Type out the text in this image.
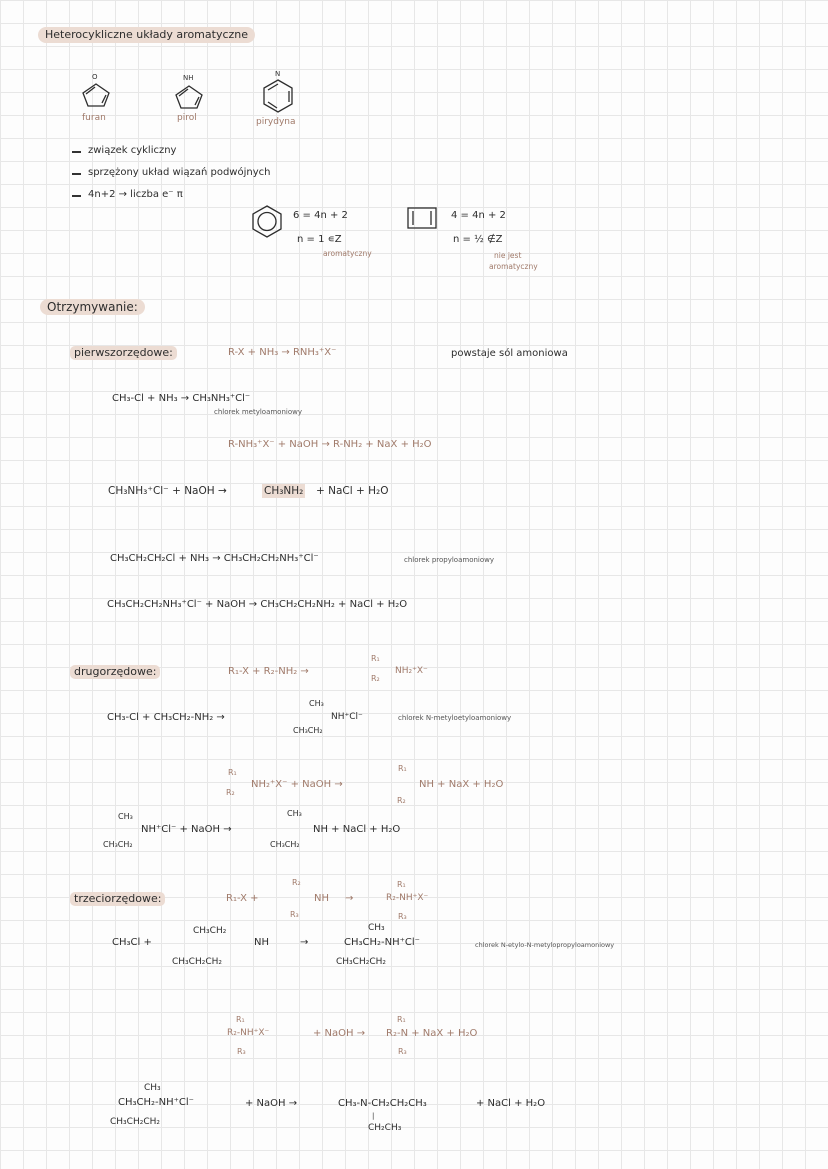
Heterocykliczne układy aromatyczne
O
furan
NH
pirol
N
pirydyna
związek cykliczny
sprzężony układ wiązań podwójnych
4n+2 → liczba e⁻ π
6 = 4n + 2
n = 1 ∊Z
aromatyczny
4 = 4n + 2
n = ½ ∉Z
nie jest
aromatyczny
Otrzymywanie:
pierwszorzędowe:	R-X + NH₃ → RNH₃⁺X⁻	powstaje sól amoniowa
CH₃-Cl + NH₃ → CH₃NH₃⁺Cl⁻
chlorek metyloamoniowy
R-NH₃⁺X⁻ + NaOH → R-NH₂ + NaX + H₂O
CH₃NH₃⁺Cl⁻ + NaOH →	CH₃NH₂ + NaCl + H₂O
CH₃CH₂CH₂Cl + NH₃ → CH₃CH₂CH₂NH₃⁺Cl⁻	chlorek propyloamoniowy
CH₃CH₂CH₂NH₃⁺Cl⁻ + NaOH → CH₃CH₂CH₂NH₂ + NaCl + H₂O
drugorzędowe:	R₁-X + R₂-NH₂ →
R₁
R₂
NH₂⁺X⁻
CH₃-Cl + CH₃CH₂-NH₂ →
CH₃
CH₃CH₂
NH⁺Cl⁻	chlorek N-metyloetyloamoniowy
R₁
R₂
NH₂⁺X⁻ + NaOH →
R₁
R₂
NH + NaX + H₂O
CH₃
CH₃CH₂
NH⁺Cl⁻ + NaOH →
CH₃
CH₃CH₂
NH + NaCl + H₂O
trzeciorzędowe:	R₁-X +
R₂
R₃
NH →
R₁
R₂-NH⁺X⁻
R₃
CH₃Cl +
CH₃CH₂
NH
CH₃CH₂CH₂
→
CH₃
CH₃CH₂-NH⁺Cl⁻
CH₃CH₂CH₂
chlorek N-etylo-N-metylopropyloamoniowy
R₁
R₂-NH⁺X⁻
R₃
+ NaOH →
R₁
R₂-N + NaX + H₂O
R₃
CH₃
CH₃CH₂-NH⁺Cl⁻
CH₃CH₂CH₂
+ NaOH →	CH₃-N-CH₂CH₂CH₃
|
CH₂CH₃
+ NaCl + H₂O
